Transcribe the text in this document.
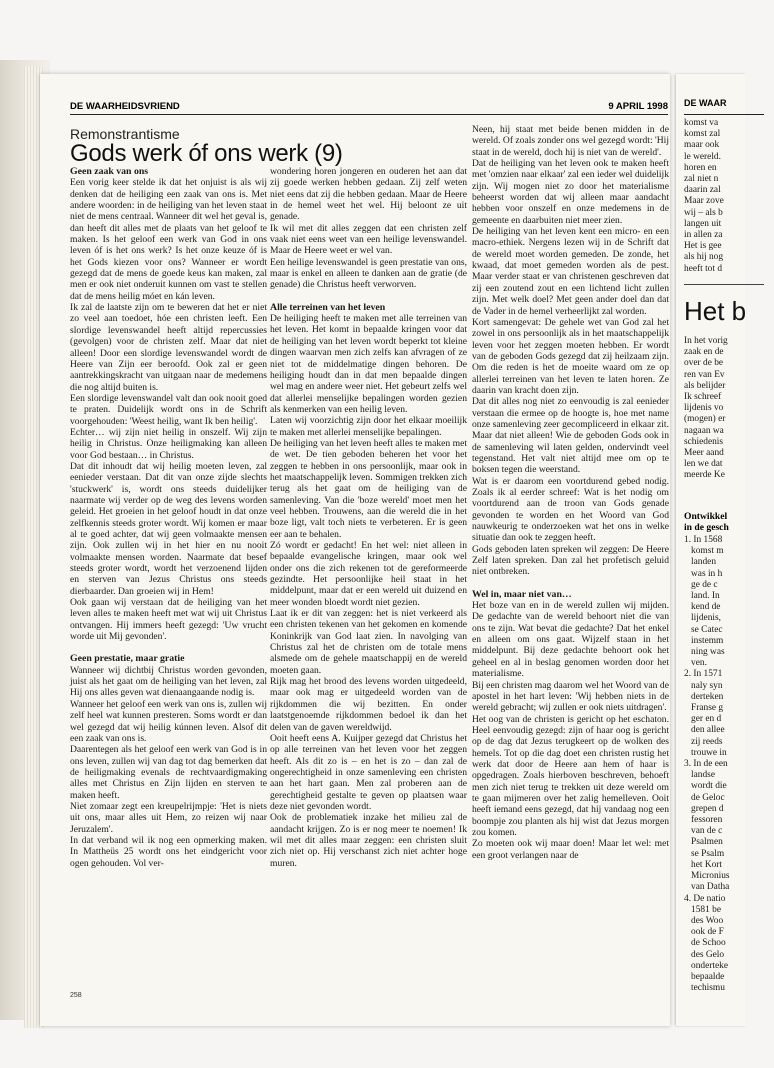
DE WAARHEIDSVRIEND	9 APRIL 1998
Remonstrantisme
Gods werk óf ons werk (9)
Geen zaak van ons

Een vorig keer stelde ik dat het onjuist is als wij denken dat de heiliging een zaak van ons is. Met andere woorden: in de heiliging van het leven staat niet de mens centraal. Wanneer dit wel het geval is, dan heeft dit alles met de plaats van het geloof te maken. Is het geloof een werk van God in ons leven óf is het ons werk? Is het onze keuze óf is het Gods kiezen voor ons? Wanneer er wordt gezegd dat de mens de goede keus kan maken, zal men er ook niet onderuit kunnen om vast te stellen dat de mens heilig móet en kán leven.

Ik zal de laatste zijn om te beweren dat het er niet zo veel aan toedoet, hóe een christen leeft. Een slordige levenswandel heeft altijd repercussies (gevolgen) voor de christen zelf. Maar dat niet alleen! Door een slordige levenswandel wordt de Heere van Zijn eer beroofd. Ook zal er geen aantrekkingskracht van uitgaan naar de medemens die nog altijd buiten is.

Een slordige levenswandel valt dan ook nooit goed te praten. Duidelijk wordt ons in de Schrift voorgehouden: 'Weest heilig, want Ik ben heilig'.

Echter… wij zijn niet heilig in onszelf. Wij zijn heilig in Christus. Onze heiligmaking kan alleen voor God bestaan… in Christus.

Dat dit inhoudt dat wij heilig moeten leven, zal eenieder verstaan. Dat dit van onze zijde slechts 'stuckwerk' is, wordt ons steeds duidelijker naarmate wij verder op de weg des levens worden geleid. Het groeien in het geloof houdt in dat onze zelfkennis steeds groter wordt. Wij komen er maar al te goed achter, dat wij geen volmaakte mensen zijn. Ook zullen wij in het hier en nu nooit volmaakte mensen worden. Naarmate dat besef steeds groter wordt, wordt het verzoenend lijden en sterven van Jezus Christus ons steeds dierbaarder. Dan groeien wij in Hem!

Ook gaan wij verstaan dat de heiliging van het leven alles te maken heeft met wat wij uit Christus ontvangen. Hij immers heeft gezegd: 'Uw vrucht worde uit Mij gevonden'.

Geen prestatie, maar gratie

Wanneer wij dichtbij Christus worden gevonden, juist als het gaat om de heiliging van het leven, zal Hij ons alles geven wat dienaangaande nodig is.

Wanneer het geloof een werk van ons is, zullen wij zelf heel wat kunnen presteren. Soms wordt er dan wel gezegd dat wij heilig kúnnen leven. Alsof dit een zaak van ons is.

Daarentegen als het geloof een werk van God is in ons leven, zullen wij van dag tot dag bemerken dat de heiligmaking evenals de rechtvaardigmaking alles met Christus en Zijn lijden en sterven te maken heeft.

Niet zomaar zegt een kreupelrijmpje: 'Het is niets uit ons, maar alles uit Hem, zo reizen wij naar Jeruzalem'.

In dat verband wil ik nog een opmerking maken. In Mattheüs 25 wordt ons het eindgericht voor ogen gehouden. Vol ver-

wondering horen jongeren en ouderen het aan dat zij goede werken hebben gedaan. Zij zelf weten niet eens dat zij die hebben gedaan. Maar de Heere in de hemel weet het wel. Hij beloont ze uit genade.

Ik wil met dit alles zeggen dat een christen zelf vaak niet eens weet van een heilige levenswandel. Maar de Heere weet er wel van.

Een heilige levenswandel is geen prestatie van ons, maar is enkel en alleen te danken aan de gratie (de genade) die Christus heeft verworven.

Alle terreinen van het leven

De heiliging heeft te maken met alle terreinen van het leven. Het komt in bepaalde kringen voor dat de heiliging van het leven wordt beperkt tot kleine dingen waarvan men zich zelfs kan afvragen of ze niet tot de middelmatige dingen behoren. De heiliging houdt dan in dat men bepaalde dingen wel mag en andere weer niet. Het gebeurt zelfs wel dat allerlei menselijke bepalingen worden gezien als kenmerken van een heilig leven.

Laten wij voorzichtig zijn door het elkaar moeilijk te maken met allerlei menselijke bepalingen.

De heiliging van het leven heeft alles te maken met de wet. De tien geboden beheren het voor het zeggen te hebben in ons persoonlijk, maar ook in het maatschappelijk leven. Sommigen trekken zich terug als het gaat om de heiliging van de samenleving. Van die 'boze wereld' moet men het veel hebben. Trouwens, aan die wereld die in het boze ligt, valt toch niets te verbeteren. Er is geen eer aan te behalen.

Zó wordt er gedacht! En het wel: niet alleen in bepaalde evangelische kringen, maar ook wel onder ons die zich rekenen tot de gereformeerde gezindte. Het persoonlijke heil staat in het middelpunt, maar dat er een wereld uit duizend en meer wonden bloedt wordt niet gezien.

Laat ik er dit van zeggen: het is niet verkeerd als een christen tekenen van het gekomen en komende Koninkrijk van God laat zien. In navolging van Christus zal het de christen om de totale mens alsmede om de gehele maatschappij en de wereld moeten gaan.

Rijk mag het brood des levens worden uitgedeeld, maar ook mag er uitgedeeld worden van de rijkdommen die wij bezitten. En onder laatstgenoemde rijkdommen bedoel ik dan het delen van de gaven wereldwijd.

Ooit heeft eens A. Kuijper gezegd dat Christus het op alle terreinen van het leven voor het zeggen heeft. Als dit zo is – en het is zo – dan zal de ongerechtigheid in onze samenleving een christen aan het hart gaan. Men zal proberen aan de gerechtigheid gestalte te geven op plaatsen waar deze niet gevonden wordt.

Ook de problematiek inzake het milieu zal de aandacht krijgen. Zo is er nog meer te noemen! Ik wil met dit alles maar zeggen: een christen sluit zich niet op. Hij verschanst zich niet achter hoge muren.

Neen, hij staat met beide benen midden in de wereld. Of zoals zonder ons wel gezegd wordt: 'Hij staat in de wereld, doch hij is niet van de wereld'.

Dat de heiliging van het leven ook te maken heeft met 'omzien naar elkaar' zal een ieder wel duidelijk zijn. Wij mogen niet zo door het materialisme beheerst worden dat wij alleen maar aandacht hebben voor onszelf en onze medemens in de gemeente en daarbuiten niet meer zien.

De heiliging van het leven kent een micro- en een macro-ethiek. Nergens lezen wij in de Schrift dat de wereld moet worden gemeden. De zonde, het kwaad, dat moet gemeden worden als de pest. Maar verder staat er van christenen geschreven dat zij een zoutend zout en een lichtend licht zullen zijn. Met welk doel? Met geen ander doel dan dat de Vader in de hemel verheerlijkt zal worden.

Kort samengevat: De gehele wet van God zal het zowel in ons persoonlijk als in het maatschappelijk leven voor het zeggen moeten hebben. Er wordt van de geboden Gods gezegd dat zij heilzaam zijn. Om die reden is het de moeite waard om ze op allerlei terreinen van het leven te laten horen. Ze daarin van kracht doen zijn.

Dat dit alles nog niet zo eenvoudig is zal eenieder verstaan die ermee op de hoogte is, hoe met name onze samenleving zeer gecompliceerd in elkaar zit. Maar dat niet alleen! Wie de geboden Gods ook in de samenleving wil laten gelden, ondervindt veel tegenstand. Het valt niet altijd mee om op te boksen tegen die weerstand.

Wat is er daarom een voortdurend gebed nodig. Zoals ik al eerder schreef: Wat is het nodig om voortdurend aan de troon van Gods genade gevonden te worden en het Woord van God nauwkeurig te onderzoeken wat het ons in welke situatie dan ook te zeggen heeft.

Gods geboden laten spreken wil zeggen: De Heere Zelf laten spreken. Dan zal het profetisch geluid niet ontbreken.

Wel in, maar niet van…

Het boze van en in de wereld zullen wij mijden. De gedachte van de wereld behoort niet die van ons te zijn. Wat bevat die gedachte? Dat het enkel en alleen om ons gaat. Wijzelf staan in het middelpunt. Bij deze gedachte behoort ook het geheel en al in beslag genomen worden door het materialisme.

Bij een christen mag daarom wel het Woord van de apostel in het hart leven: 'Wij hebben niets in de wereld gebracht; wij zullen er ook niets uitdragen'.

Het oog van de christen is gericht op het eschaton. Heel eenvoudig gezegd: zijn of haar oog is gericht op de dag dat Jezus terugkeert op de wolken des hemels. Tot op die dag doet een christen rustig het werk dat door de Heere aan hem of haar is opgedragen. Zoals hierboven beschreven, behoeft men zich niet terug te trekken uit deze wereld om te gaan mijmeren over het zalig hemelleven. Ooit heeft iemand eens gezegd, dat hij vandaag nog een boompje zou planten als hij wist dat Jezus morgen zou komen.

Zo moeten ook wij maar doen! Maar let wel: met een groot verlangen naar de

258
DE WAAR
komst va
komst zal
maar ook
le wereld.
horen en
zal niet n
daarin zal
Maar zove
wij – als b
langen uit
in allen za
Het is gee
als hij nog
heeft tot d
Het b
In het vorig
zaak en de
over de be
ren van Ev
als belijder
Ik schreef
lijdenis vo
(mogen) er
nagaan wa
schiedenis
Meer aand
len we dat
meerde Ke
Ontwikkel
in de gesch
1. In 1568
komst m
landen
was in h
ge de c
land. In
kend de
lijdenis,
se Catec
instemm
ning was
ven.
2. In 1571
naly syn
derteken
Franse g
ger en d
den allee
zij reeds
trouwe in
3. In de een
landse
wordt die
de Geloc
grepen d
fessoren
van de c
Psalmen
se Psalm
het Kort
Micronius
van Datha
4. De natio
1581 be
des Woo
ook de F
de Schoo
des Gelo
onderteke
bepaalde
techismu
